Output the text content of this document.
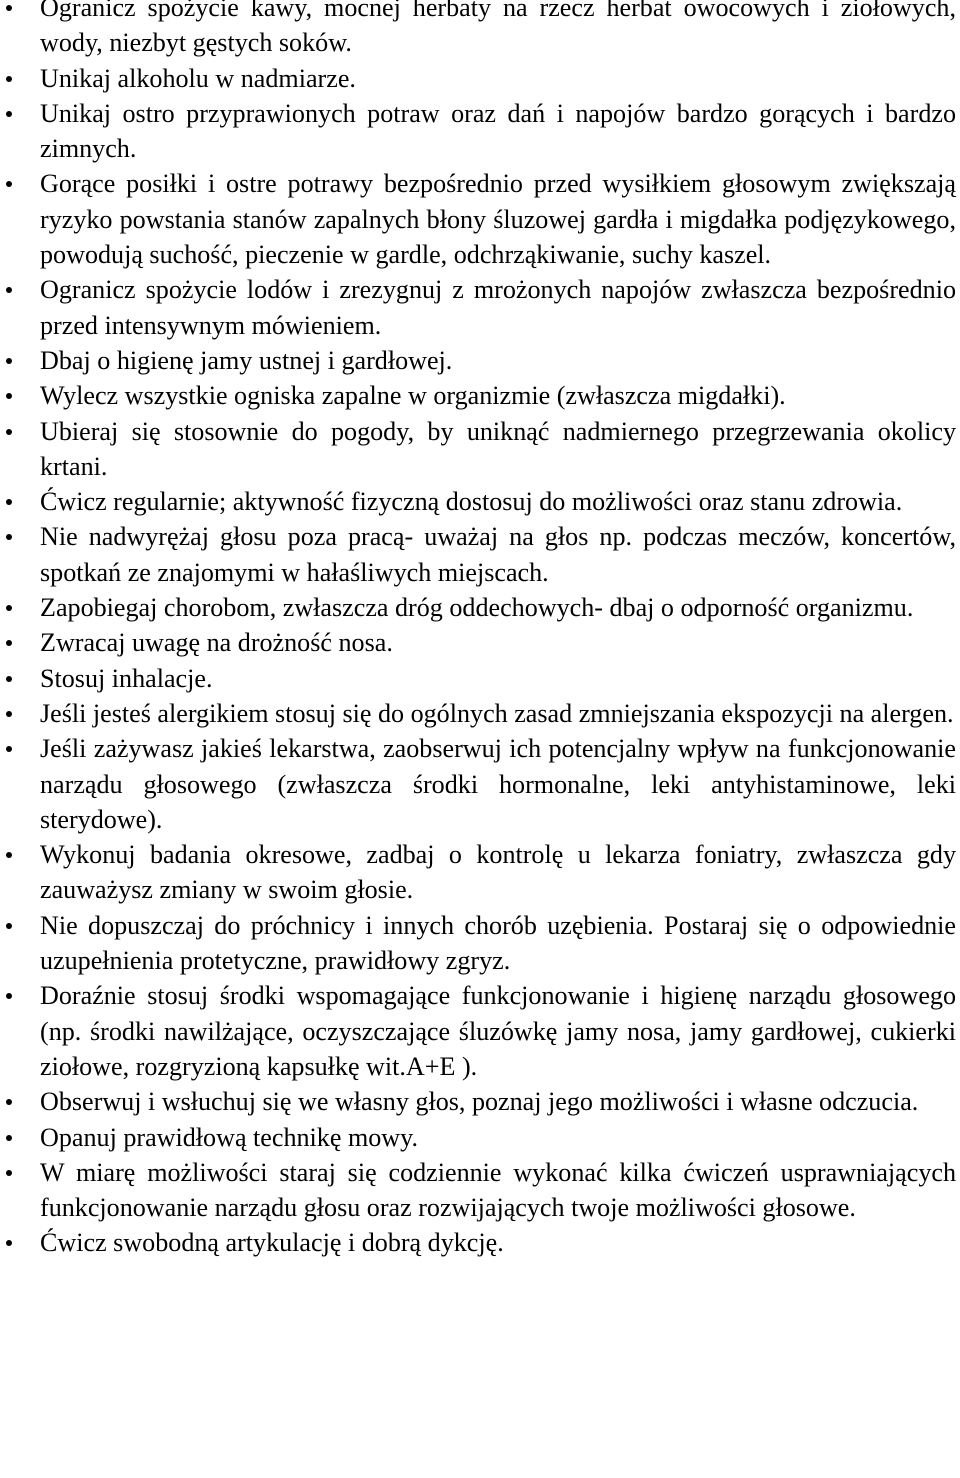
Ogranicz spożycie kawy, mocnej herbaty na rzecz herbat owocowych i ziołowych, wody, niezbyt gęstych soków.
Unikaj alkoholu w nadmiarze.
Unikaj ostro przyprawionych potraw oraz dań i napojów bardzo gorących i bardzo zimnych.
Gorące posiłki i ostre potrawy bezpośrednio przed wysiłkiem głosowym zwiększają ryzyko powstania stanów zapalnych błony śluzowej gardła i migdałka podjęzykowego, powodują suchość, pieczenie w gardle, odchrząkiwanie, suchy kaszel.
Ogranicz spożycie lodów i zrezygnuj z mrożonych napojów zwłaszcza bezpośrednio przed intensywnym mówieniem.
Dbaj o higienę jamy ustnej i gardłowej.
Wylecz wszystkie ogniska zapalne w organizmie (zwłaszcza migdałki).
Ubieraj się stosownie do pogody, by uniknąć nadmiernego przegrzewania okolicy krtani.
Ćwicz regularnie; aktywność fizyczną dostosuj do możliwości oraz stanu zdrowia.
Nie nadwyrężaj głosu poza pracą- uważaj na głos np. podczas meczów, koncertów, spotkań ze znajomymi w hałaśliwych miejscach.
Zapobiegaj chorobom, zwłaszcza dróg oddechowych- dbaj o odporność organizmu.
Zwracaj uwagę na drożność nosa.
Stosuj inhalacje.
Jeśli jesteś alergikiem stosuj się do ogólnych zasad zmniejszania ekspozycji na alergen.
Jeśli zażywasz jakieś lekarstwa, zaobserwuj ich potencjalny wpływ na funkcjonowanie narządu głosowego (zwłaszcza środki hormonalne, leki antyhistaminowe, leki sterydowe).
Wykonuj badania okresowe, zadbaj o kontrolę u lekarza foniatry, zwłaszcza gdy zauważysz zmiany w swoim głosie.
Nie dopuszczaj do próchnicy i innych chorób uzębienia. Postaraj się o odpowiednie uzupełnienia protetyczne, prawidłowy zgryz.
Doraźnie stosuj środki wspomagające funkcjonowanie i higienę narządu głosowego (np. środki nawilżające, oczyszczające śluzówkę jamy nosa, jamy gardłowej, cukierki ziołowe, rozgryzioną kapsułkę wit.A+E ).
Obserwuj i wsłuchuj się we własny głos, poznaj jego możliwości i własne odczucia.
Opanuj prawidłową technikę mowy.
W miarę możliwości staraj się codziennie wykonać kilka ćwiczeń usprawniających funkcjonowanie narządu głosu oraz rozwijających twoje możliwości głosowe.
Ćwicz swobodną artykulację i dobrą dykcję.
